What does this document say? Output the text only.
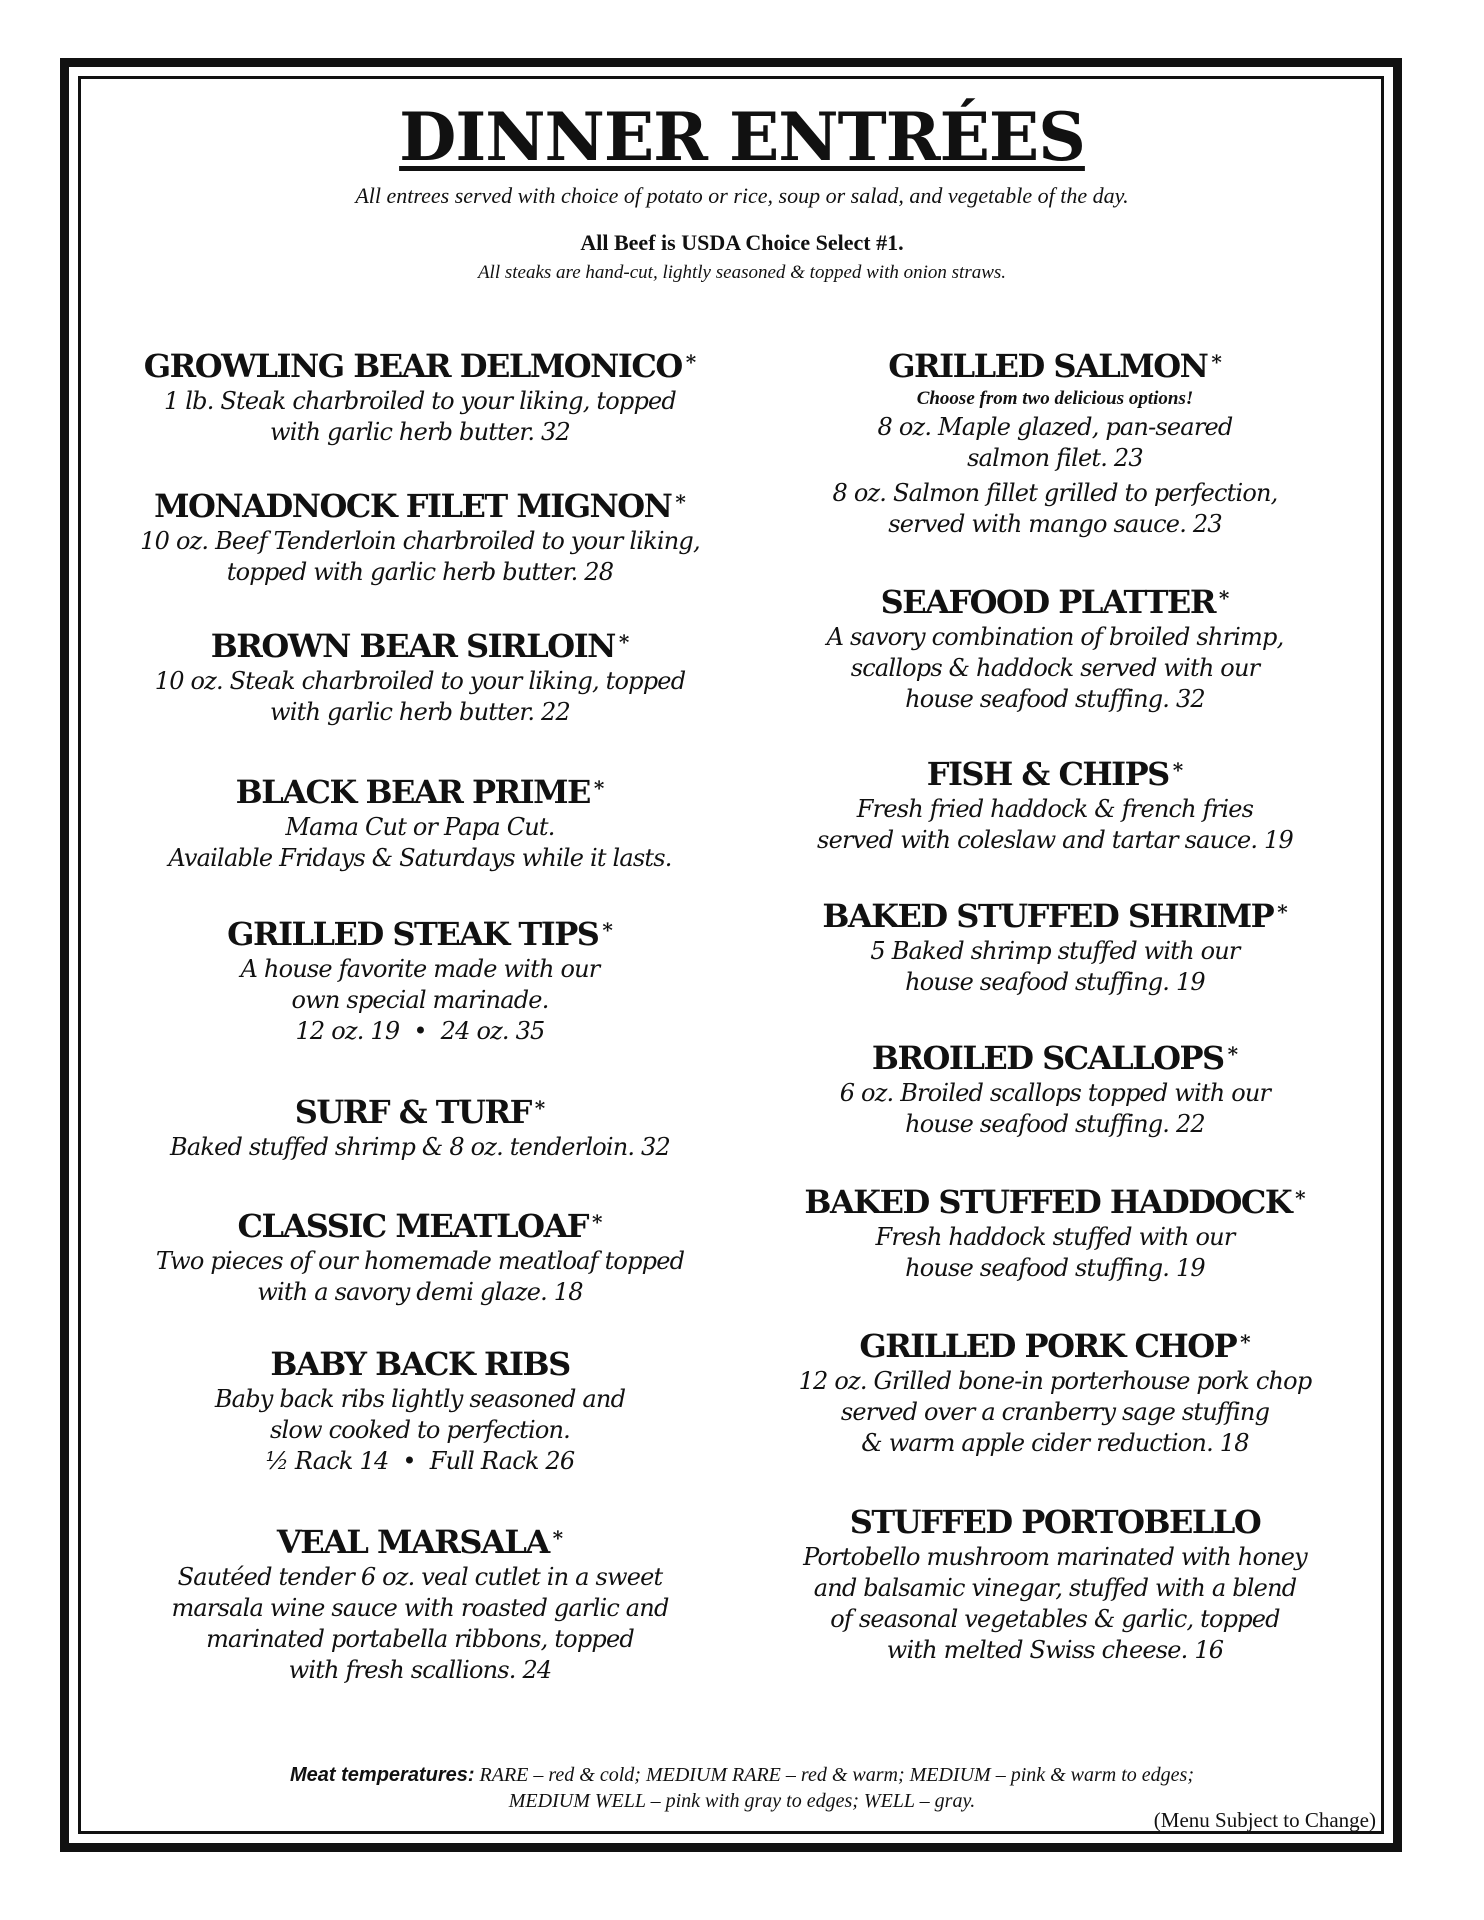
DINNER ENTRÉES
All entrees served with choice of potato or rice, soup or salad, and vegetable of the day.
All Beef is USDA Choice Select #1.
All steaks are hand-cut, lightly seasoned & topped with onion straws.
GROWLING BEAR DELMONICO *
1 lb. Steak charbroiled to your liking, topped
with garlic herb butter. 32
MONADNOCK FILET MIGNON *
10 oz. Beef Tenderloin charbroiled to your liking,
topped with garlic herb butter. 28
BROWN BEAR SIRLOIN *
10 oz. Steak charbroiled to your liking, topped
with garlic herb butter. 22
BLACK BEAR PRIME *
Mama Cut or Papa Cut.
Available Fridays & Saturdays while it lasts.
GRILLED STEAK TIPS *
A house favorite made with our
own special marinade.
12 oz. 19 • 24 oz. 35
SURF & TURF *
Baked stuffed shrimp & 8 oz. tenderloin. 32
CLASSIC MEATLOAF *
Two pieces of our homemade meatloaf topped
with a savory demi glaze. 18
BABY BACK RIBS
Baby back ribs lightly seasoned and
slow cooked to perfection.
½ Rack 14 • Full Rack 26
VEAL MARSALA *
Sautéed tender 6 oz. veal cutlet in a sweet
marsala wine sauce with roasted garlic and
marinated portabella ribbons, topped
with fresh scallions. 24
GRILLED SALMON *
Choose from two delicious options!
8 oz. Maple glazed, pan-seared
salmon filet. 23
8 oz. Salmon fillet grilled to perfection,
served with mango sauce. 23
SEAFOOD PLATTER *
A savory combination of broiled shrimp,
scallops & haddock served with our
house seafood stuffing. 32
FISH & CHIPS *
Fresh fried haddock & french fries
served with coleslaw and tartar sauce. 19
BAKED STUFFED SHRIMP *
5 Baked shrimp stuffed with our
house seafood stuffing. 19
BROILED SCALLOPS *
6 oz. Broiled scallops topped with our
house seafood stuffing. 22
BAKED STUFFED HADDOCK *
Fresh haddock stuffed with our
house seafood stuffing. 19
GRILLED PORK CHOP *
12 oz. Grilled bone-in porterhouse pork chop
served over a cranberry sage stuffing
& warm apple cider reduction. 18
STUFFED PORTOBELLO
Portobello mushroom marinated with honey
and balsamic vinegar, stuffed with a blend
of seasonal vegetables & garlic, topped
with melted Swiss cheese. 16
Meat temperatures: RARE – red & cold; MEDIUM RARE – red & warm; MEDIUM – pink & warm to edges;
MEDIUM WELL – pink with gray to edges; WELL – gray.
(Menu Subject to Change)
